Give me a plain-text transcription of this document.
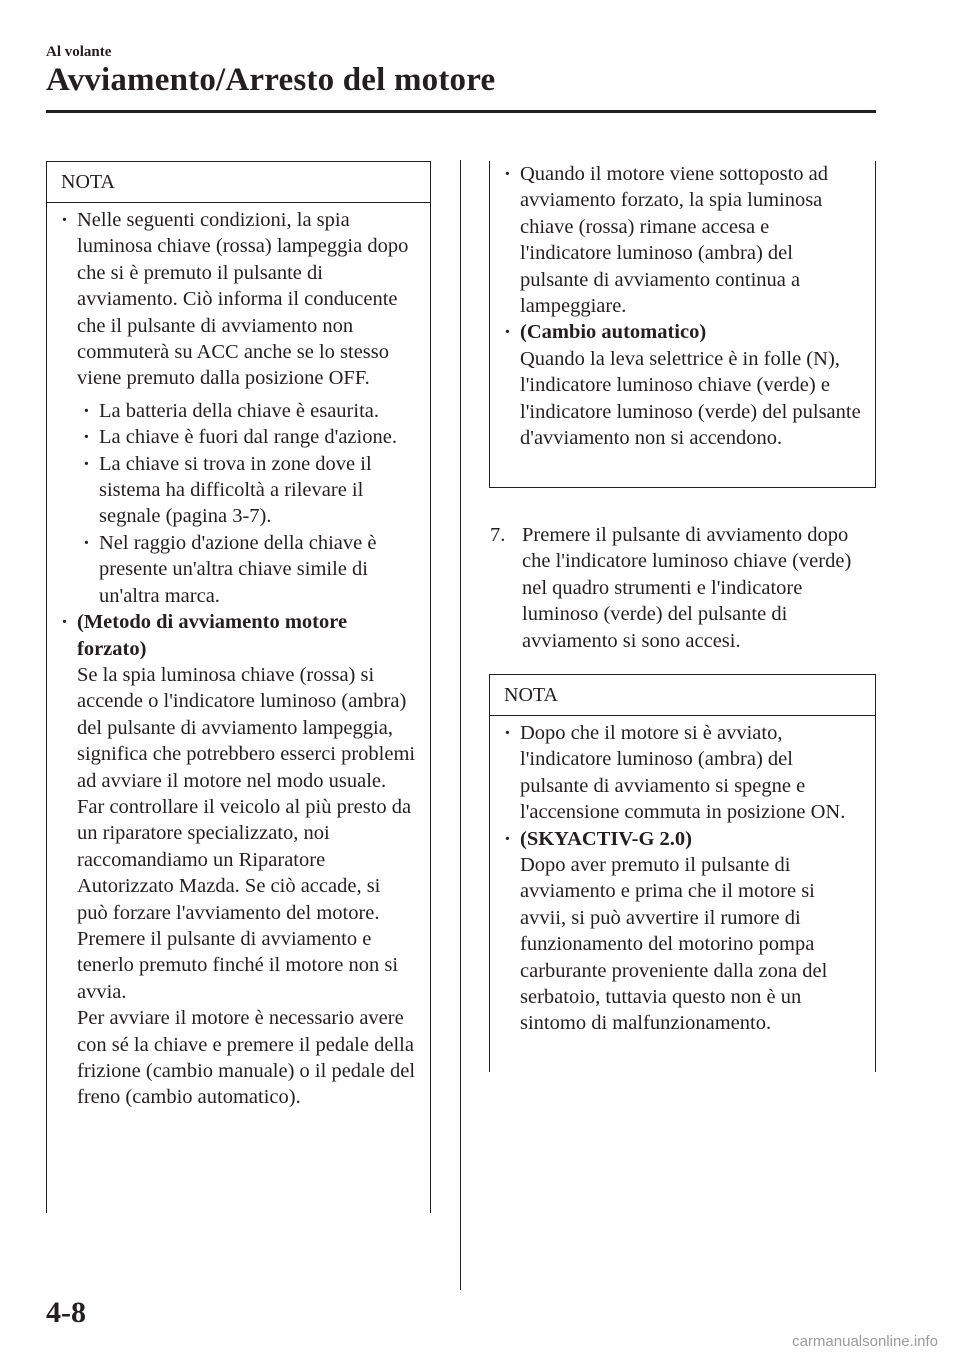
Al volante
Avviamento/Arresto del motore
NOTA

· Nelle seguenti condizioni, la spia luminosa chiave (rossa) lampeggia dopo che si è premuto il pulsante di avviamento. Ciò informa il conducente che il pulsante di avviamento non commuterà su ACC anche se lo stesso viene premuto dalla posizione OFF.

· La batteria della chiave è esaurita.

· La chiave è fuori dal range d'azione.

· La chiave si trova in zone dove il sistema ha difficoltà a rilevare il segnale (pagina 3-7).

· Nel raggio d'azione della chiave è presente un'altra chiave simile di un'altra marca.

· (Metodo di avviamento motore forzato)

Se la spia luminosa chiave (rossa) si accende o l'indicatore luminoso (ambra) del pulsante di avviamento lampeggia, significa che potrebbero esserci problemi ad avviare il motore nel modo usuale. Far controllare il veicolo al più presto da un riparatore specializzato, noi raccomandiamo un Riparatore Autorizzato Mazda. Se ciò accade, si può forzare l'avviamento del motore. Premere il pulsante di avviamento e tenerlo premuto finché il motore non si avvia.

Per avviare il motore è necessario avere con sé la chiave e premere il pedale della frizione (cambio manuale) o il pedale del freno (cambio automatico).

· Quando il motore viene sottoposto ad avviamento forzato, la spia luminosa chiave (rossa) rimane accesa e l'indicatore luminoso (ambra) del pulsante di avviamento continua a lampeggiare.

· (Cambio automatico)

Quando la leva selettrice è in folle (N), l'indicatore luminoso chiave (verde) e l'indicatore luminoso (verde) del pulsante d'avviamento non si accendono.

7. Premere il pulsante di avviamento dopo che l'indicatore luminoso chiave (verde) nel quadro strumenti e l'indicatore luminoso (verde) del pulsante di avviamento si sono accesi.

NOTA

· Dopo che il motore si è avviato, l'indicatore luminoso (ambra) del pulsante di avviamento si spegne e l'accensione commuta in posizione ON.

· (SKYACTIV-G 2.0)

Dopo aver premuto il pulsante di avviamento e prima che il motore si avvii, si può avvertire il rumore di funzionamento del motorino pompa carburante proveniente dalla zona del serbatoio, tuttavia questo non è un sintomo di malfunzionamento.

4-8
carmanualsonline.info
